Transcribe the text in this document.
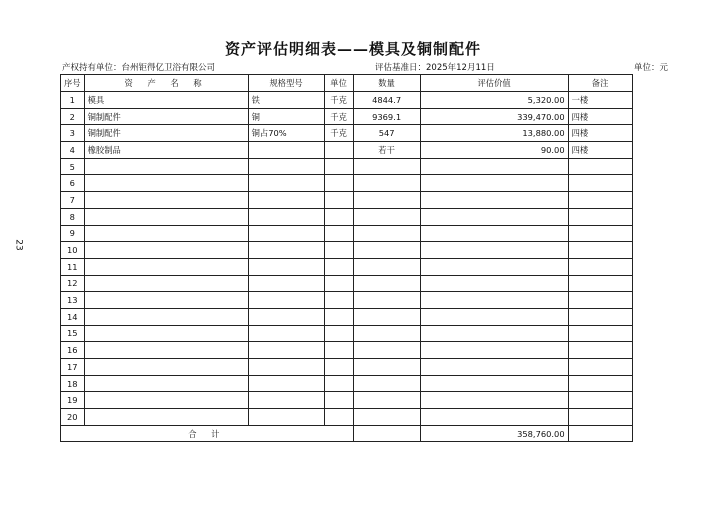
资产评估明细表——模具及铜制配件
产权持有单位：台州钜得亿卫浴有限公司	评估基准日：2025年12月11日	单位：元
23
序号	资 产 名 称	规格型号	单位	数量	评估价值	备注
1	模具	铁	千克	4844.7	5,320.00	一楼
2	铜制配件	铜	千克	9369.1	339,470.00	四楼
3	铜制配件	铜占70%	千克	547	13,880.00	四楼
4	橡胶制品			若干	90.00	四楼
5						
6						
7						
8						
9						
10						
11						
12						
13						
14						
15						
16						
17						
18						
19						
20						
合 计					358,760.00	
